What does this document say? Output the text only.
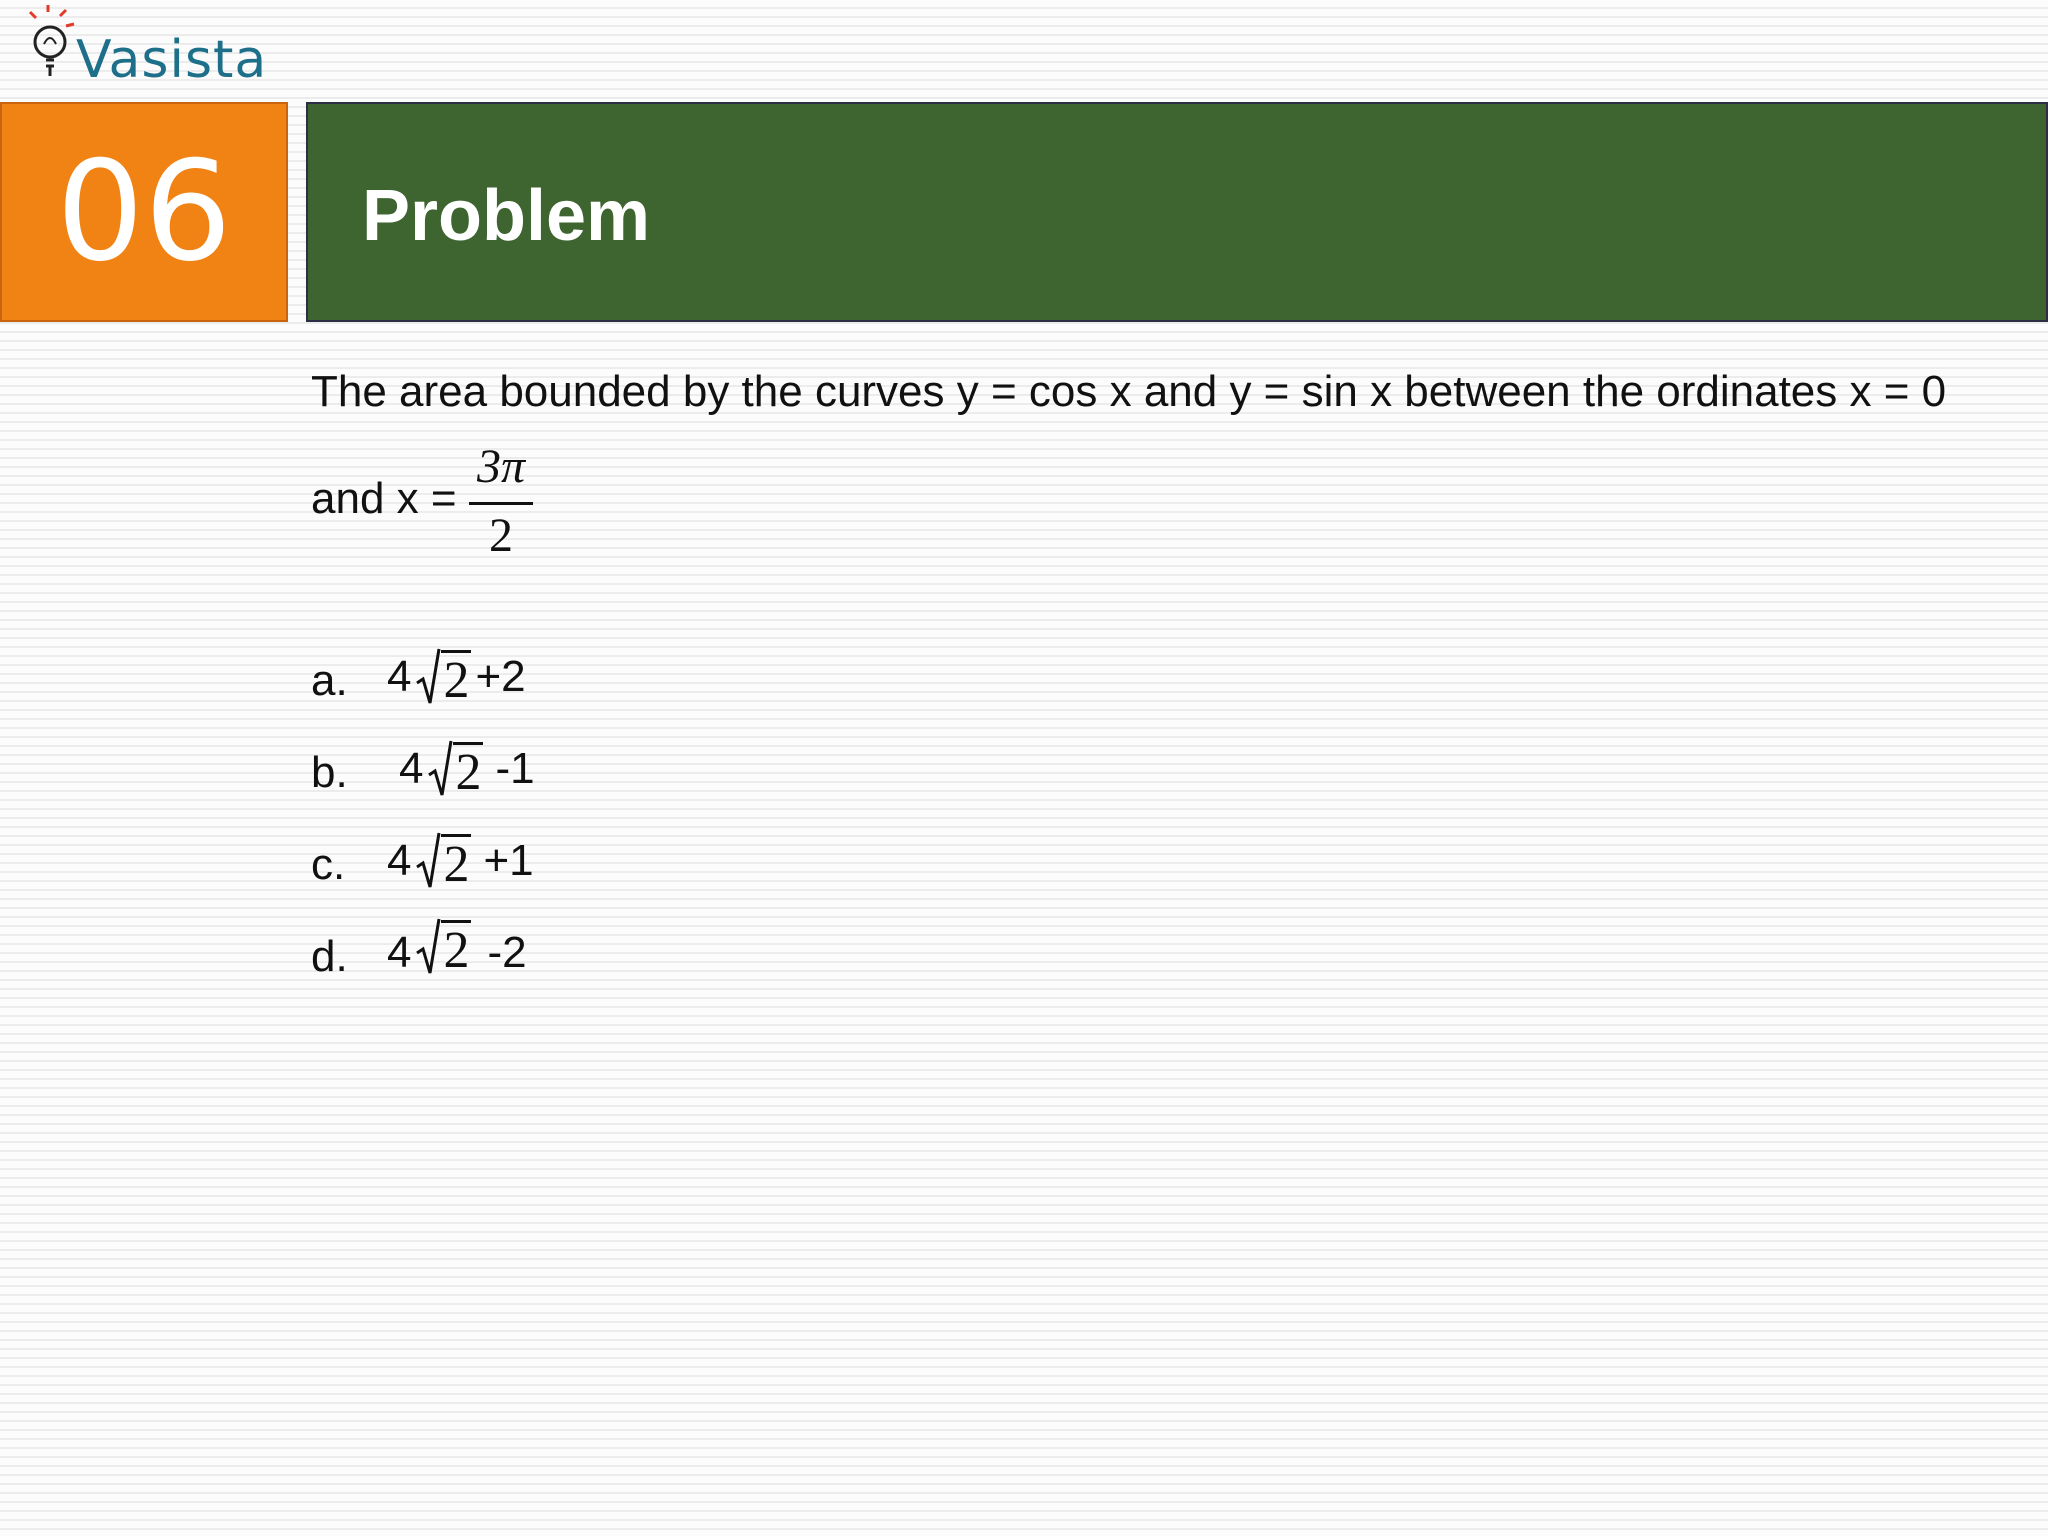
Vasista
06 Problem
The area bounded by the curves y = cos x and y = sin x between the ordinates x = 0
and x =
3π
2
a. 4 2 +2
b. 4 2 -1
c. 4 2 +1
d. 4 2 -2
